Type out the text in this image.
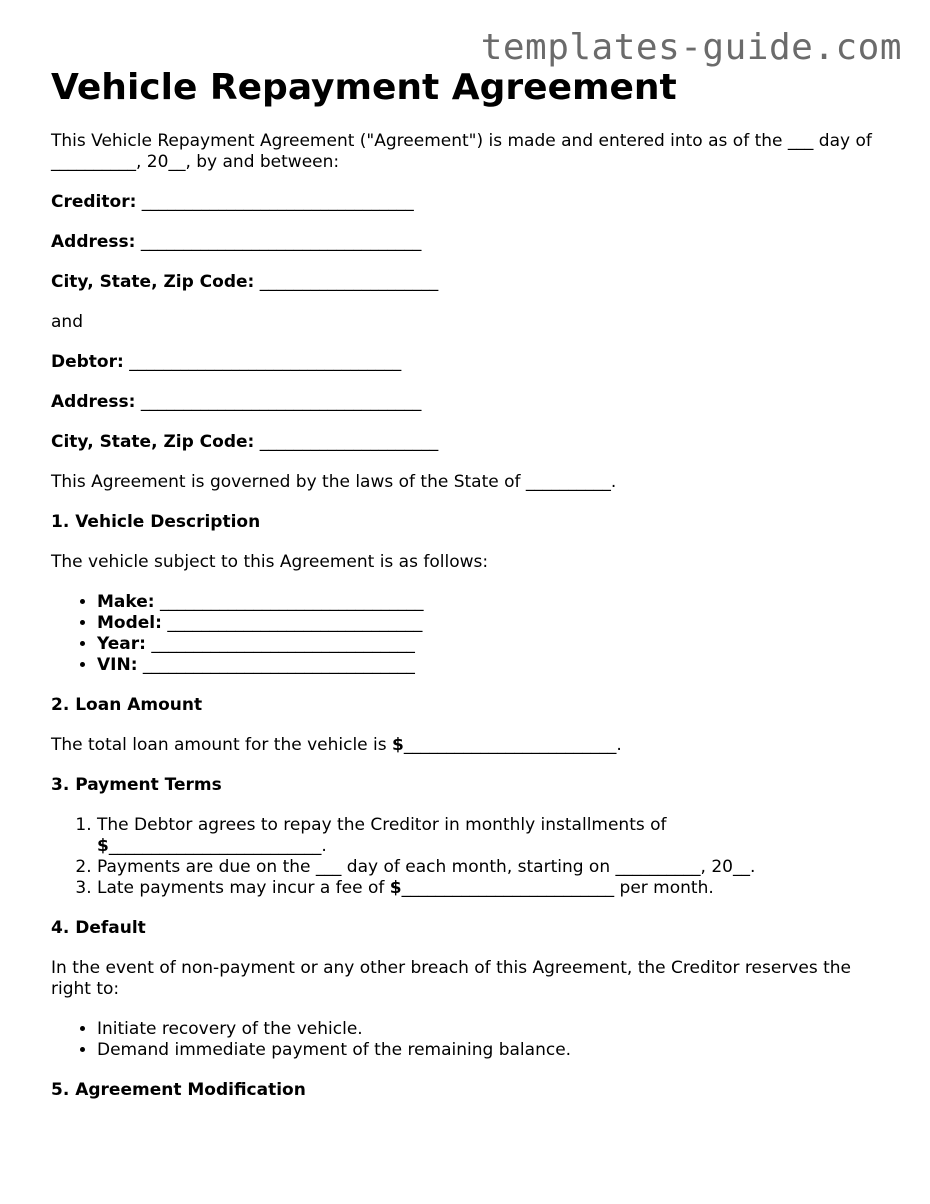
templates-guide.com
Vehicle Repayment Agreement

This Vehicle Repayment Agreement ("Agreement") is made and entered into as of the ___ day of __________, 20__, by and between:

Creditor: ________________________________

Address: _________________________________

City, State, Zip Code: _____________________

and

Debtor: ________________________________

Address: _________________________________

City, State, Zip Code: _____________________

This Agreement is governed by the laws of the State of __________.

1. Vehicle Description

The vehicle subject to this Agreement is as follows:

• Make: _______________________________
• Model: ______________________________
• Year: _______________________________
• VIN: ________________________________
2. Loan Amount

The total loan amount for the vehicle is $_________________________.

3. Payment Terms
1. The Debtor agrees to repay the Creditor in monthly installments of $_________________________.
2. Payments are due on the ___ day of each month, starting on __________, 20__.
3. Late payments may incur a fee of $_________________________ per month.
4. Default

In the event of non-payment or any other breach of this Agreement, the Creditor reserves the right to:

• Initiate recovery of the vehicle.
• Demand immediate payment of the remaining balance.
5. Agreement Modification
